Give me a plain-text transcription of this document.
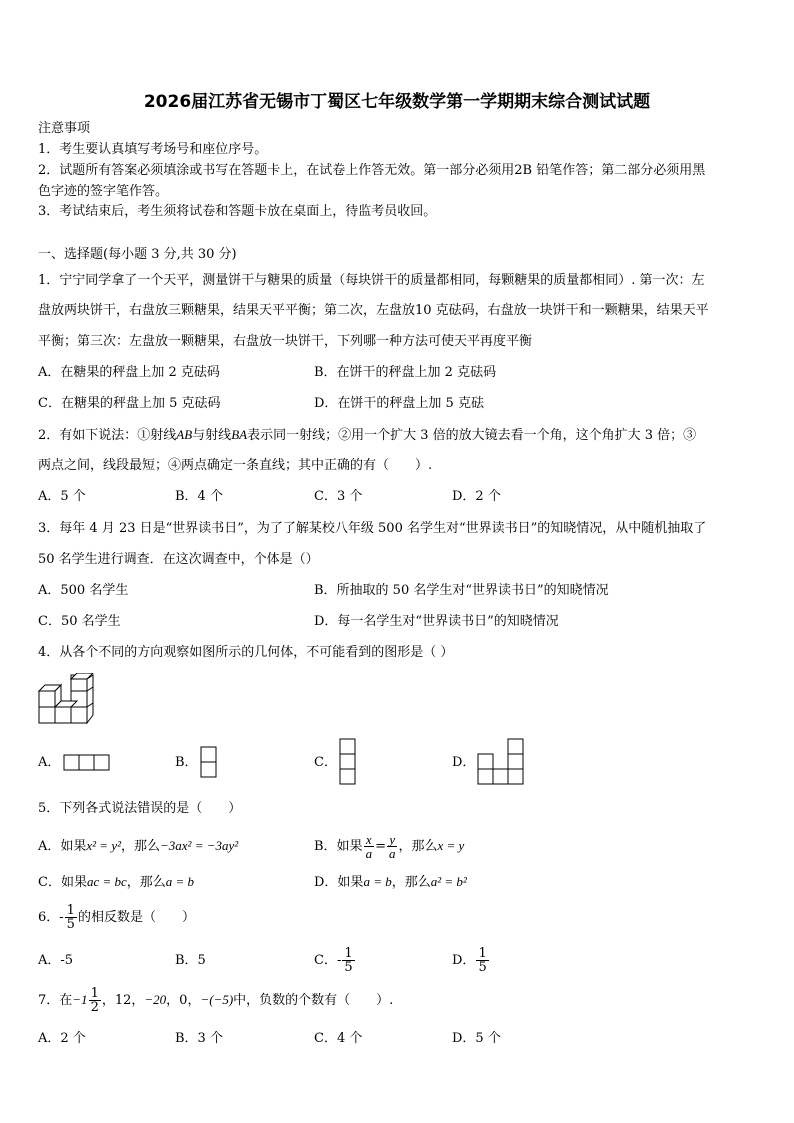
2026届江苏省无锡市丁蜀区七年级数学第一学期期末综合测试试题
注意事项
1．考生要认真填写考场号和座位序号。
2．试题所有答案必须填涂或书写在答题卡上，在试卷上作答无效。第一部分必须用2B 铅笔作答；第二部分必须用黑
色字迹的签字笔作答。
3．考试结束后，考生须将试卷和答题卡放在桌面上，待监考员收回。
一、选择题(每小题 3 分,共 30 分)
1．宁宁同学拿了一个天平，测量饼干与糖果的质量（每块饼干的质量都相同，每颗糖果的质量都相同）. 第一次：左
盘放两块饼干，右盘放三颗糖果，结果天平平衡；第二次，左盘放10 克砝码，右盘放一块饼干和一颗糖果，结果天平
平衡；第三次：左盘放一颗糖果，右盘放一块饼干，下列哪一种方法可使天平再度平衡
A．在糖果的秤盘上加 2 克砝码	B．在饼干的秤盘上加 2 克砝码
C．在糖果的秤盘上加 5 克砝码	D．在饼干的秤盘上加 5 克砝
2．有如下说法：①射线AB与射线BA表示同一射线；②用一个扩大 3 倍的放大镜去看一个角，这个角扩大 3 倍；③
两点之间，线段最短；④两点确定一条直线；其中正确的有（　　）.
A．5 个	B．4 个	C．3 个	D．2 个
3．每年 4 月 23 日是“世界读书日”，为了了解某校八年级 500 名学生对“世界读书日”的知晓情况，从中随机抽取了
50 名学生进行调查．在这次调查中，个体是（）
A．500 名学生	B．所抽取的 50 名学生对“世界读书日”的知晓情况
C．50 名学生	D．每一名学生对“世界读书日”的知晓情况
4．从各个不同的方向观察如图所示的几何体，不可能看到的图形是（ ）
A．	B．	C．	D．
5．下列各式说法错误的是（　　）
A．如果x² = y²，那么−3ax² = −3ay²	B．如果 $\frac{x}{a} = \frac{y}{a}$ ，那么x = y
C．如果ac = bc，那么a = b	D．如果a = b，那么a² = b²
6．- $\frac{1}{5}$ 的相反数是（　　）
A．-5	B．5	C．- $\frac{1}{5}$	D． $\frac{1}{5}$
7．在$-1 \frac{1}{2}$ ，12，−20，0，−(−5)中，负数的个数有（　　）.
A．2 个	B．3 个	C．4 个	D．5 个
